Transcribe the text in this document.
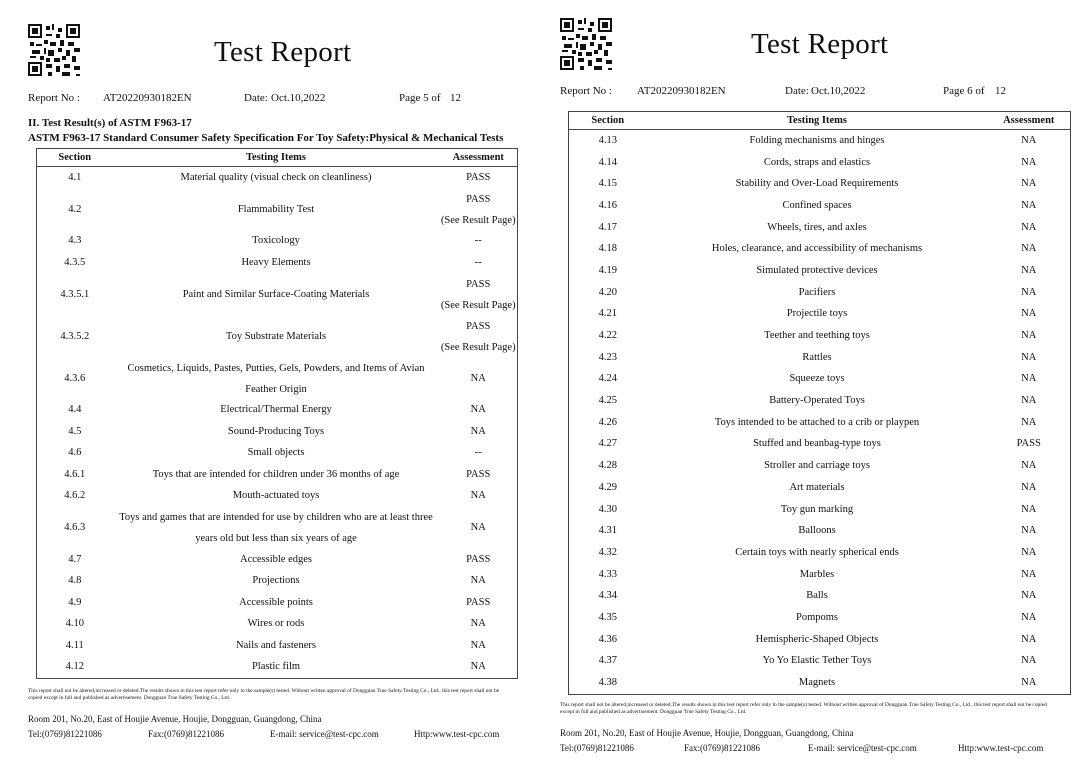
Test Report
Report No : AT20220930182EN	Date: Oct.10,2022	Page 5 of 12
II. Test Result(s) of ASTM F963-17
ASTM F963-17 Standard Consumer Safety Specification For Toy Safety:Physical & Mechanical Tests
Section	Testing Items	Assessment
4.1	Material quality (visual check on cleanliness)	PASS
4.2	Flammability Test	PASS
(See Result Page)

4.3	Toxicology	--
4.3.5	Heavy Elements	--
4.3.5.1	Paint and Similar Surface-Coating Materials	PASS
(See Result Page)

4.3.5.2	Toy Substrate Materials	PASS
(See Result Page)

4.3.6	Cosmetics, Liquids, Pastes, Putties, Gels, Powders, and Items of Avian
Feather Origin	NA
4.4	Electrical/Thermal Energy	NA
4.5	Sound-Producing Toys	NA
4.6	Small objects	--
4.6.1	Toys that are intended for children under 36 months of age	PASS
4.6.2	Mouth-actuated toys	NA
4.6.3	Toys and games that are intended for use by children who are at least three
years old but less than six years of age	NA
4.7	Accessible edges	PASS
4.8	Projections	NA
4.9	Accessible points	PASS
4.10	Wires or rods	NA
4.11	Nails and fasteners	NA
4.12	Plastic film	NA
This report shall not be altered,increased or deleted.The results shown in this test report refer only to the sample(s) tested. Without written approval of Dongguan True Safety Testing Co., Ltd., this test report shall not be copied except in full and published as advertisement. Dongguan True Safety Testing Co., Ltd.
Room 201, No.20, East of Houjie Avenue, Houjie, Dongguan, Guangdong, China
Tel:(0769)81221086	Fax:(0769)81221086	E-mail: service@test-cpc.com	Http:www.test-cpc.com
Test Report
Report No : AT20220930182EN	Date: Oct.10,2022	Page 6 of 12
Section	Testing Items	Assessment
4.13	Folding mechanisms and hinges	NA
4.14	Cords, straps and elastics	NA
4.15	Stability and Over-Load Requirements	NA
4.16	Confined spaces	NA
4.17	Wheels, tires, and axles	NA
4.18	Holes, clearance, and accessibility of mechanisms	NA
4.19	Simulated protective devices	NA
4.20	Pacifiers	NA
4.21	Projectile toys	NA
4.22	Teether and teething toys	NA
4.23	Rattles	NA
4.24	Squeeze toys	NA
4.25	Battery-Operated Toys	NA
4.26	Toys intended to be attached to a crib or playpen	NA
4.27	Stuffed and beanbag-type toys	PASS
4.28	Stroller and carriage toys	NA
4.29	Art materials	NA
4.30	Toy gun marking	NA
4.31	Balloons	NA
4.32	Certain toys with nearly spherical ends	NA
4.33	Marbles	NA
4.34	Balls	NA
4.35	Pompoms	NA
4.36	Hemispheric-Shaped Objects	NA
4.37	Yo Yo Elastic Tether Toys	NA
4.38	Magnets	NA
This report shall not be altered,increased or deleted.The results shown in this test report refer only to the sample(s) tested. Without written approval of Dongguan True Safety Testing Co., Ltd., this test report shall not be copied except in full and published as advertisement. Dongguan True Safety Testing Co., Ltd.
Room 201, No.20, East of Houjie Avenue, Houjie, Dongguan, Guangdong, China
Tel:(0769)81221086	Fax:(0769)81221086	E-mail: service@test-cpc.com	Http:www.test-cpc.com
